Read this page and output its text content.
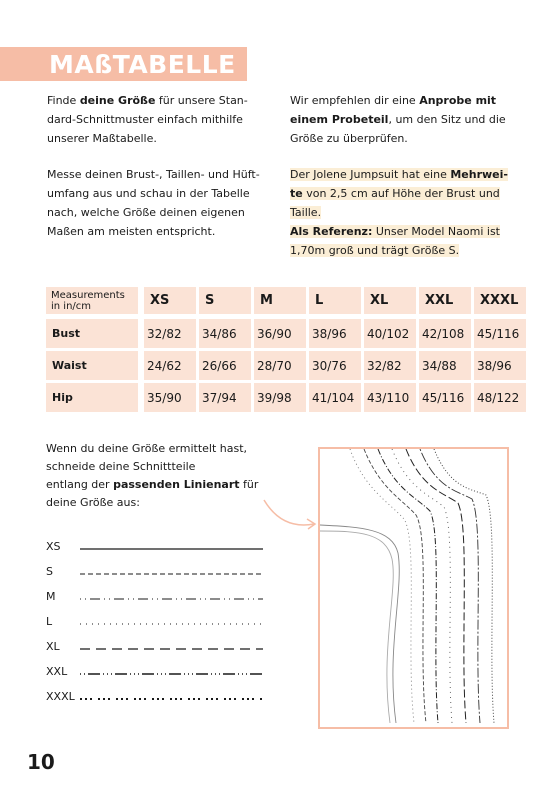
MAßTABELLE
Finde deine Größe für unsere Stan-
dard-Schnittmuster einfach mithilfe
unserer Maßtabelle.
Messe deinen Brust-, Taillen- und Hüft-
umfang aus und schau in der Tabelle
nach, welche Größe deinen eigenen
Maßen am meisten entspricht.
Wir empfehlen dir eine Anprobe mit
einem Probeteil, um den Sitz und die
Größe zu überprüfen.
Der Jolene Jumpsuit hat eine Mehrwei-
te von 2,5 cm auf Höhe der Brust und
Taille.
Als Referenz: Unser Model Naomi ist
1,70m groß und trägt Größe S.
Measurements
in in/cm	XS	S	M	L	XL	XXL XXXL
Bust	32/82 34/86 36/90 38/96 40/102 42/108 45/116
Waist	24/62 26/66 28/70 30/76 32/82 34/88 38/96
Hip	35/90 37/94 39/98 41/104 43/110 45/116 48/122
Wenn du deine Größe ermittelt hast,
schneide deine Schnittteile
entlang der passenden Linienart für
deine Größe aus:
XS
S
M
L
XL
XXL
XXXL
10
